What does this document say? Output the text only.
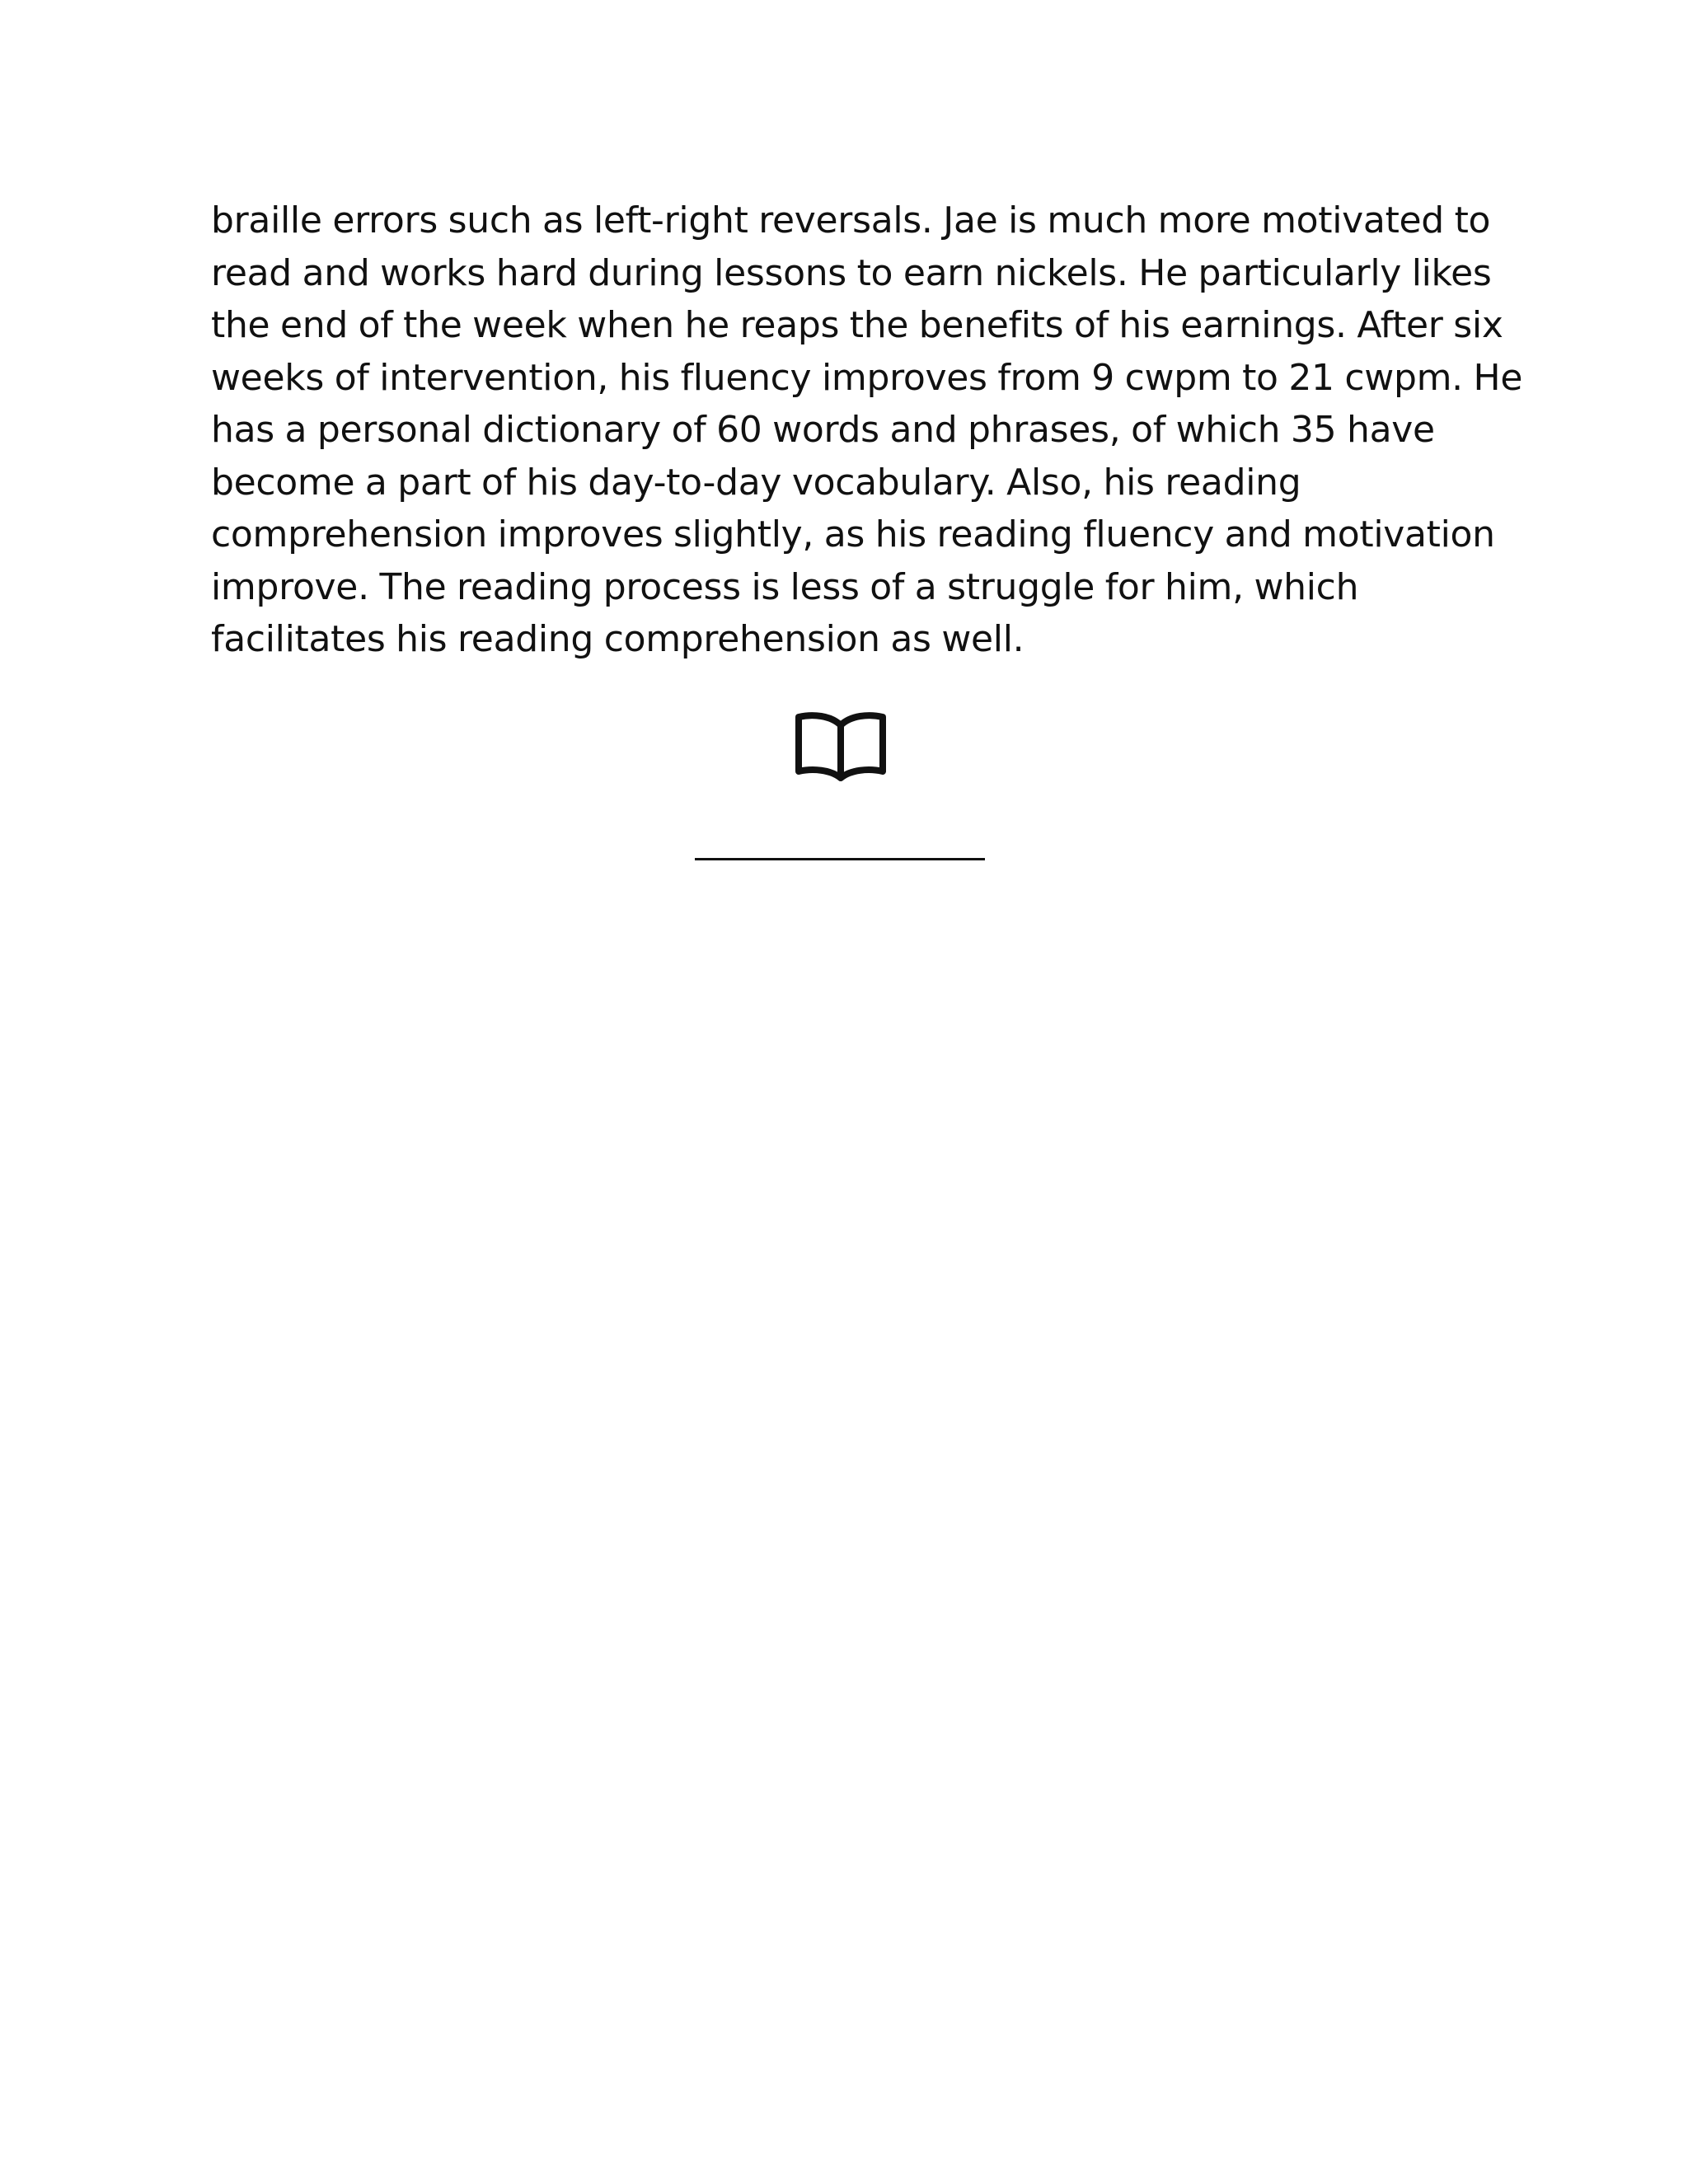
braille errors such as left-right reversals. Jae is much more motivated to
read and works hard during lessons to earn nickels. He particularly likes
the end of the week when he reaps the benefits of his earnings. After six
weeks of intervention, his fluency improves from 9 cwpm to 21 cwpm. He
has a personal dictionary of 60 words and phrases, of which 35 have
become a part of his day-to-day vocabulary. Also, his reading
comprehension improves slightly, as his reading fluency and motivation
improve. The reading process is less of a struggle for him, which
facilitates his reading comprehension as well.
